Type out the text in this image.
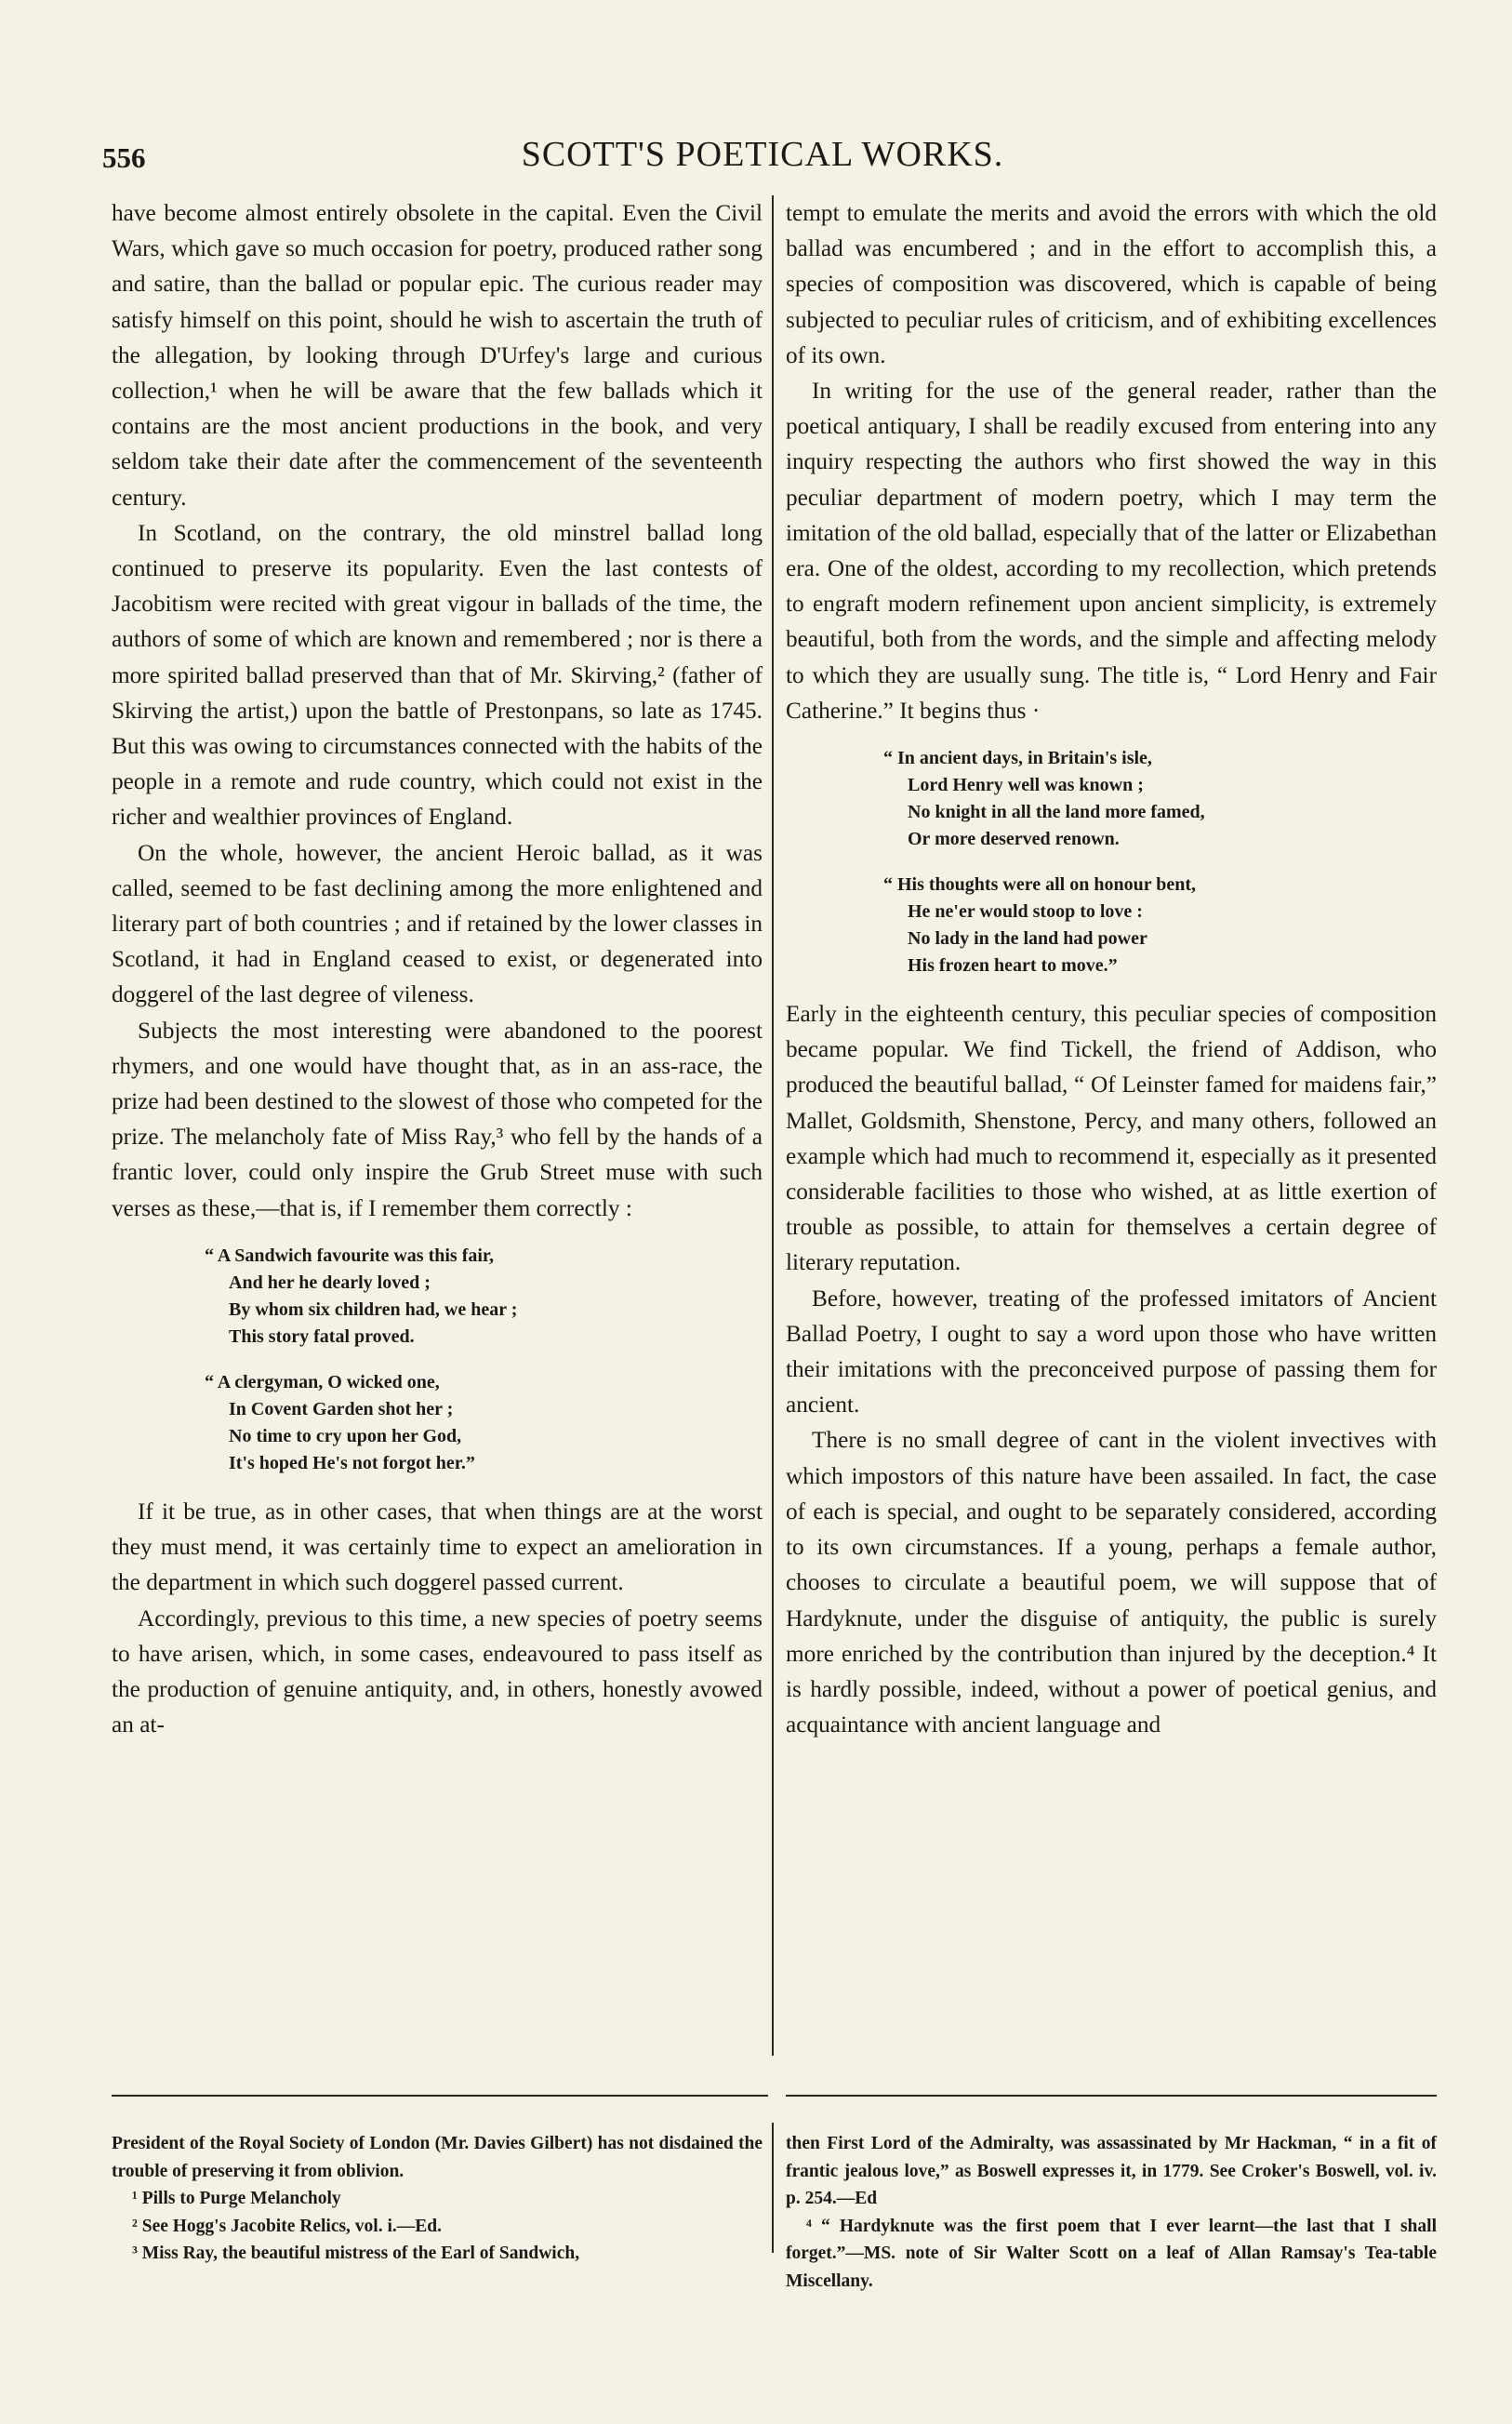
556	SCOTT'S POETICAL WORKS.

have become almost entirely obsolete in the capital. Even the Civil Wars, which gave so much occasion for poetry, produced rather song and satire, than the ballad or popular epic. The curious reader may satisfy himself on this point, should he wish to ascertain the truth of the allegation, by looking through D'Urfey's large and curious collection,¹ when he will be aware that the few ballads which it contains are the most ancient productions in the book, and very seldom take their date after the commencement of the seventeenth century.

In Scotland, on the contrary, the old minstrel ballad long continued to preserve its popularity. Even the last contests of Jacobitism were recited with great vigour in ballads of the time, the authors of some of which are known and remembered ; nor is there a more spirited ballad preserved than that of Mr. Skirving,² (father of Skirving the artist,) upon the battle of Prestonpans, so late as 1745. But this was owing to circumstances connected with the habits of the people in a remote and rude country, which could not exist in the richer and wealthier provinces of England.

On the whole, however, the ancient Heroic ballad, as it was called, seemed to be fast declining among the more enlightened and literary part of both countries ; and if retained by the lower classes in Scotland, it had in England ceased to exist, or degenerated into doggerel of the last degree of vileness.

Subjects the most interesting were abandoned to the poorest rhymers, and one would have thought that, as in an ass-race, the prize had been destined to the slowest of those who competed for the prize. The melancholy fate of Miss Ray,³ who fell by the hands of a frantic lover, could only inspire the Grub Street muse with such verses as these,—that is, if I remember them correctly :

“ A Sandwich favourite was this fair,
And her he dearly loved ;
By whom six children had, we hear ;
This story fatal proved.
“ A clergyman, O wicked one,
In Covent Garden shot her ;
No time to cry upon her God,
It's hoped He's not forgot her.”

If it be true, as in other cases, that when things are at the worst they must mend, it was certainly time to expect an amelioration in the department in which such doggerel passed current.

Accordingly, previous to this time, a new species of poetry seems to have arisen, which, in some cases, endeavoured to pass itself as the production of genuine antiquity, and, in others, honestly avowed an at-

tempt to emulate the merits and avoid the errors with which the old ballad was encumbered ; and in the effort to accomplish this, a species of composition was discovered, which is capable of being subjected to peculiar rules of criticism, and of exhibiting excellences of its own.

In writing for the use of the general reader, rather than the poetical antiquary, I shall be readily excused from entering into any inquiry respecting the authors who first showed the way in this peculiar department of modern poetry, which I may term the imitation of the old ballad, especially that of the latter or Elizabethan era. One of the oldest, according to my recollection, which pretends to engraft modern refinement upon ancient simplicity, is extremely beautiful, both from the words, and the simple and affecting melody to which they are usually sung. The title is, “ Lord Henry and Fair Catherine.” It begins thus ·

“ In ancient days, in Britain's isle,
Lord Henry well was known ;
No knight in all the land more famed,
Or more deserved renown.
“ His thoughts were all on honour bent,
He ne'er would stoop to love :
No lady in the land had power
His frozen heart to move.”

Early in the eighteenth century, this peculiar species of composition became popular. We find Tickell, the friend of Addison, who produced the beautiful ballad, “ Of Leinster famed for maidens fair,” Mallet, Goldsmith, Shenstone, Percy, and many others, followed an example which had much to recommend it, especially as it presented considerable facilities to those who wished, at as little exertion of trouble as possible, to attain for themselves a certain degree of literary reputation.

Before, however, treating of the professed imitators of Ancient Ballad Poetry, I ought to say a word upon those who have written their imitations with the preconceived purpose of passing them for ancient.

There is no small degree of cant in the violent invectives with which impostors of this nature have been assailed. In fact, the case of each is special, and ought to be separately considered, according to its own circumstances. If a young, perhaps a female author, chooses to circulate a beautiful poem, we will suppose that of Hardyknute, under the disguise of antiquity, the public is surely more enriched by the contribution than injured by the deception.⁴ It is hardly possible, indeed, without a power of poetical genius, and acquaintance with ancient language and

President of the Royal Society of London (Mr. Davies Gilbert) has not disdained the trouble of preserving it from oblivion.

¹ Pills to Purge Melancholy

² See Hogg's Jacobite Relics, vol. i.—Ed.

³ Miss Ray, the beautiful mistress of the Earl of Sandwich,

then First Lord of the Admiralty, was assassinated by Mr Hackman, “ in a fit of frantic jealous love,” as Boswell expresses it, in 1779. See Croker's Boswell, vol. iv. p. 254.—Ed

⁴ “ Hardyknute was the first poem that I ever learnt—the last that I shall forget.”—MS. note of Sir Walter Scott on a leaf of Allan Ramsay's Tea-table Miscellany.
